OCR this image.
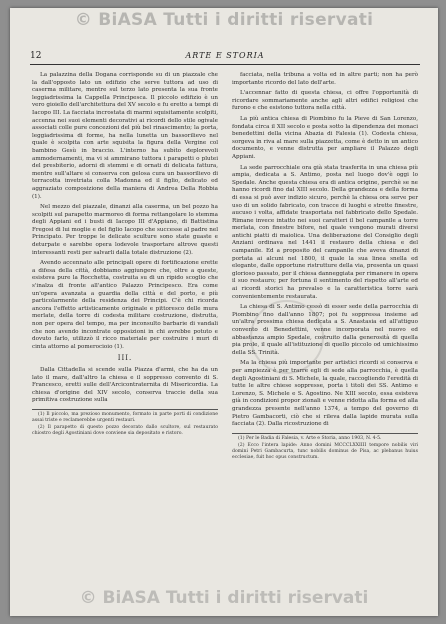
© BiASA Tutti i diritti riservati
12	ARTE E STORIA

La palazzina della Dogana corrisponde su di un piazzale che la dall'opposto lato un edifizio che serve tuttora ad uso di caserma militare, mentre sul terzo lato presenta la sua fronte leggiadrissima la Cappella Principesca. Il piccolo edifizio è un vero gioiello dell'architettura del XV secolo e fu eretto a tempi di Iacopo III. La facciata incrostata di marmi squisitamente scolpiti, accenna nei suoi elementi decorativi ai ricordi dello stile ogivale associati colle pure concezioni del più bel rinascimento; la porta, leggiadrissima di forme, ha nella lunetta un bassorilievo nel quale è scolpita con arte squisita la figura della Vergine col bambino Gesù in braccio. L'interno ha subìto deplorevoli ammodernamenti, ma vi si ammirano tuttora i parapetti o plutei del presbiterio, adorni di stemmi e di ornati di delicata fattura, mentre sull'altare si conserva con gelosa cura un bassorilievo di terracotta invetriata colla Madonna ed il figlio, delicato ed aggraziato composizione della maniera di Andrea Della Robbia (1).

Nel mezzo del piazzale, dinanzi alla caserma, un bel pozzo ha scolpiti sul parapetto marmoreo di forma rettangolare lo stemma degli Appiani ed i busti di Iacopo III d'Appiano, di Battistina Fregosi di lui moglie e del figlio Iacopo che successe al padre nel Principato. Per troppe le delicate sculture sono state guaste e deturpate e sarebbe opera lodevole trasportare altrove questi interessanti resti per salvarli dalla totale distruzione (2).

Avendo accennato alle principali opere di fortificazione erette a difesa della città, dobbiamo aggiungere che, oltre a queste, esisteva pure la Rocchetta, costruita su di un ripido scoglio che s'inalza di fronte all'antico Palazzo Principesco. Era come un'opera avanzata a guardia della città e del porto, e più particolarmente della residenza dei Principi. C'è chi ricorda ancora l'effetto artisticamente originale e pittoresco delle mura merlate, della torre di codesta militare costruzione, distrutta, non per opera del tempo, ma per inconsulto barbarie di vandali che non avendo incontrate opposizioni in chi avrebbe potuto e dovuto farlo, utilizzò il ricco materiale per costruire i muri di cinta attorno al pomerocioio (1).

III.

Dalla Cittadella si scende sulla Piazza d'armi, che ha da un lato il mare, dall'altro la chiesa e il soppresso convento di S. Francesco, eretti sulle dell'Arcicontraternita di Misericordia. La chiesa d'origine del XIV secolo, conserva traccie della sua primitiva costruzione sulla

(1) Il piccolo, ma prezioso monumento, formato in parte porti di condizione assai triste e reclamerebbe urgenti restauri.

(2) Il parapetto di questo pozzo decorato dallo scultore, sul restaurato chiostro degli Agostiniani dove conviene sia depositato e ristoro.

facciata, nella tribuna a volta ed in altre parti; non ha però importante ricordo del lato dell'arte.

L'accennar fatto di questa chiesa, ci offre l'opportunità di ricordare sommariamente anche agli altri edifici religiosi che furono e che esistono tuttora nella città.

La più antica chiesa di Piombino fu la Pieve di San Lorenzo, fondata circa il XII secolo e posta sotto la dipendenza dei monaci benedettini della vicina Abazia di Falesia (1). Codesta chiesa, sorgeva in riva al mare sulla piazzetta, come è detto in un antico documento, e venne distrutta per ampliare il Palazzo degli Appiani.

La sede parrocchiale ora già stata trasferita in una chiesa più ampia, dedicata a S. Antimo, posta nel luogo dov'è oggi lo Spedale. Anche questa chiesa era di antica origine, perchè se ne hanno ricordi fino dal XIII secolo. Della grandezza e della forma di essa si può aver indizio sicuro, perchè la chiesa ora serve per uso di un solido fabricato, con tracce di luoghi e strette finestre, aucuso i volta, affidate trasportata nel fabbricato dello Spedale. Rimane invece intatto nei suoi caratteri il bel campanile a torre merlata, con finestre bifore, nel quale vengono murati diversi antichi piatti di maiolica. Una deliberazione del Consiglio degli Anziani ordinava nel 1441 il restauro della chiesa e del campanile. Ed a proposito del campanile che aveva dinanzi di portata ai alcuni nel 1800, il quale la sua linea snella ed elegante, dalle opportune ristrutture della via, presenta un quasi glorioso passato, per il chiesa danneggiata per rimanere in opera il suo restauro; per fortuna il sentimento del rispetto all'arte ed ai ricordi storici ha prevalso e la caratteristica torre sarà convenientemente restaurata.

La chiesa di S. Antimo cessò di esser sede della parrocchia di Piombino fino dall'anno 1807; poi fu soppressa insieme ad un'altra prossima chiesa dedicata a S. Anastasia ed all'attiguo convento di Benedettini, venne incorporata nel nuovo ed abbastanza ampio Spedale, costruito dalla generosità di quella pia prole, il quale all'istituzione di quello piccolo od umichissimo della SS. Trinità.

Ma la chiesa più importante per artistici ricordi si conserva e per ampiezza è per trarre egli di sede alla parrocchia, è quella degli Agostiniani di S. Michele, la quale, raccogliendo l'eredità di tutte le altre chiese soppresse, porta i titoli dei SS. Antimo e Lorenzo, S. Michele e S. Agostino. Ne XIII secolo, essa esisteva già in condizioni propor zionali e venne ridotta alla forma ed alla grandezza presente nell'anno 1374, a tempo del governo di Pietro Gambacorti, ciò che si rileva dalla lapide murata sulla facciata (2). Dalla ricostruzione di

(1) Per le Badia di Falesia, v. Arte e Storia, anno 1903, N. 4-5.

(2) Ecco l'intera lapide: Anno domini MCCCLXXIIII tempore nobilis viri domini Petri Gambacurta, tunc nobilis dominus de Pisa, ac plebanus huius ecclesiae, fuit hoc opus constructum.

© BiASA Tutti i diritti riservati
